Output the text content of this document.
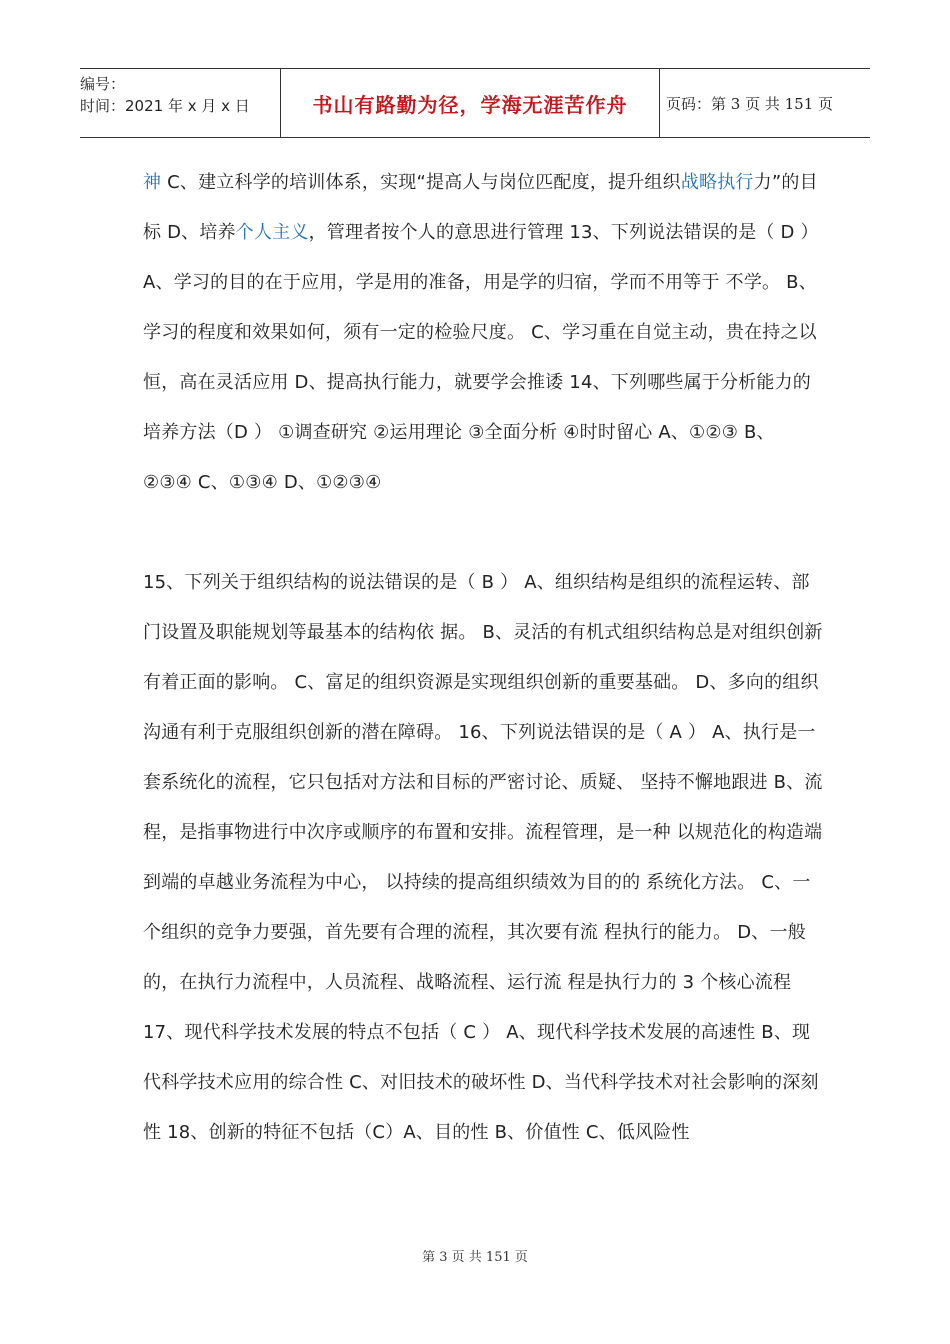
编号：
时间：2021 年 x 月 x 日	书山有路勤为径，学海无涯苦作舟	页码：第 3 页 共 151 页

神 C、建立科学的培训体系，实现“提高人与岗位匹配度，提升组织战略执行力”的目标 D、培养个人主义，管理者按个人的意思进行管理 13、下列说法错误的是（ D ） A、学习的目的在于应用，学是用的准备，用是学的归宿，学而不用等于 不学。 B、学习的程度和效果如何，须有一定的检验尺度。 C、学习重在自觉主动，贵在持之以恒，高在灵活应用 D、提高执行能力，就要学会推诿 14、下列哪些属于分析能力的培养方法（D ） ①调查研究 ②运用理论 ③全面分析 ④时时留心 A、①②③ B、②③④ C、①③④ D、①②③④

15、下列关于组织结构的说法错误的是（ B ） A、组织结构是组织的流程运转、部门设置及职能规划等最基本的结构依 据。 B、灵活的有机式组织结构总是对组织创新有着正面的影响。 C、富足的组织资源是实现组织创新的重要基础。 D、多向的组织沟通有利于克服组织创新的潜在障碍。 16、下列说法错误的是（ A ） A、执行是一套系统化的流程，它只包括对方法和目标的严密讨论、质疑、 坚持不懈地跟进 B、流程，是指事物进行中次序或顺序的布置和安排。流程管理，是一种 以规范化的构造端到端的卓越业务流程为中心， 以持续的提高组织绩效为目的的 系统化方法。 C、一个组织的竞争力要强，首先要有合理的流程，其次要有流 程执行的能力。 D、一般的，在执行力流程中，人员流程、战略流程、运行流 程是执行力的 3 个核心流程 17、现代科学技术发展的特点不包括（ C ） A、现代科学技术发展的高速性 B、现代科学技术应用的综合性 C、对旧技术的破坏性 D、当代科学技术对社会影响的深刻性 18、创新的特征不包括（C）A、目的性 B、价值性 C、低风险性

第 3 页 共 151 页
